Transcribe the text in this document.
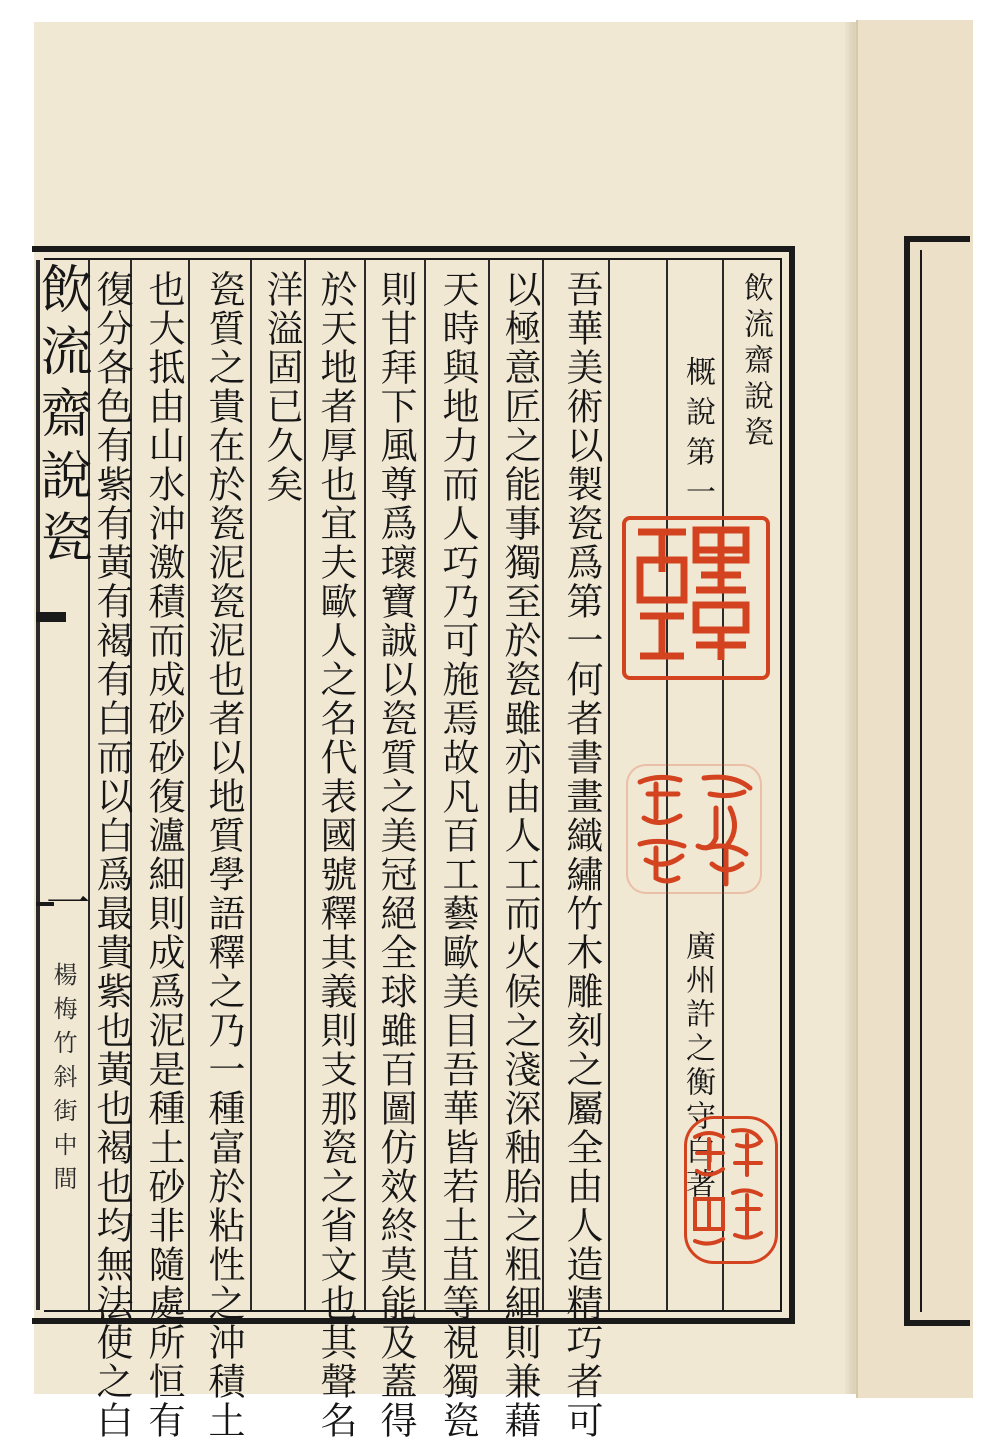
飲流齋說瓷
概說第一
廣州許之衡守白著
吾華美術以製瓷爲第一何者書畫織繡竹木雕刻之屬全由人造精巧者可
以極意匠之能事獨至於瓷雖亦由人工而火候之淺深釉胎之粗細則兼藉
天時與地力而人巧乃可施焉故凡百工藝歐美目吾華皆若土苴等視獨瓷
則甘拜下風尊爲瓌寶誠以瓷質之美冠絕全球雖百圖仿效終莫能及蓋得
於天地者厚也宜夫歐人之名代表國號釋其義則支那瓷之省文也其聲名
洋溢固已久矣
瓷質之貴在於瓷泥瓷泥也者以地質學語釋之乃一種富於粘性之沖積土
也大抵由山水沖激積而成砂砂復瀘細則成爲泥是種土砂非隨處所恒有
復分各色有紫有黃有褐有白而以白爲最貴紫也黃也褐也均無法使之白
飲流齋說瓷
一
楊梅竹斜街中間
